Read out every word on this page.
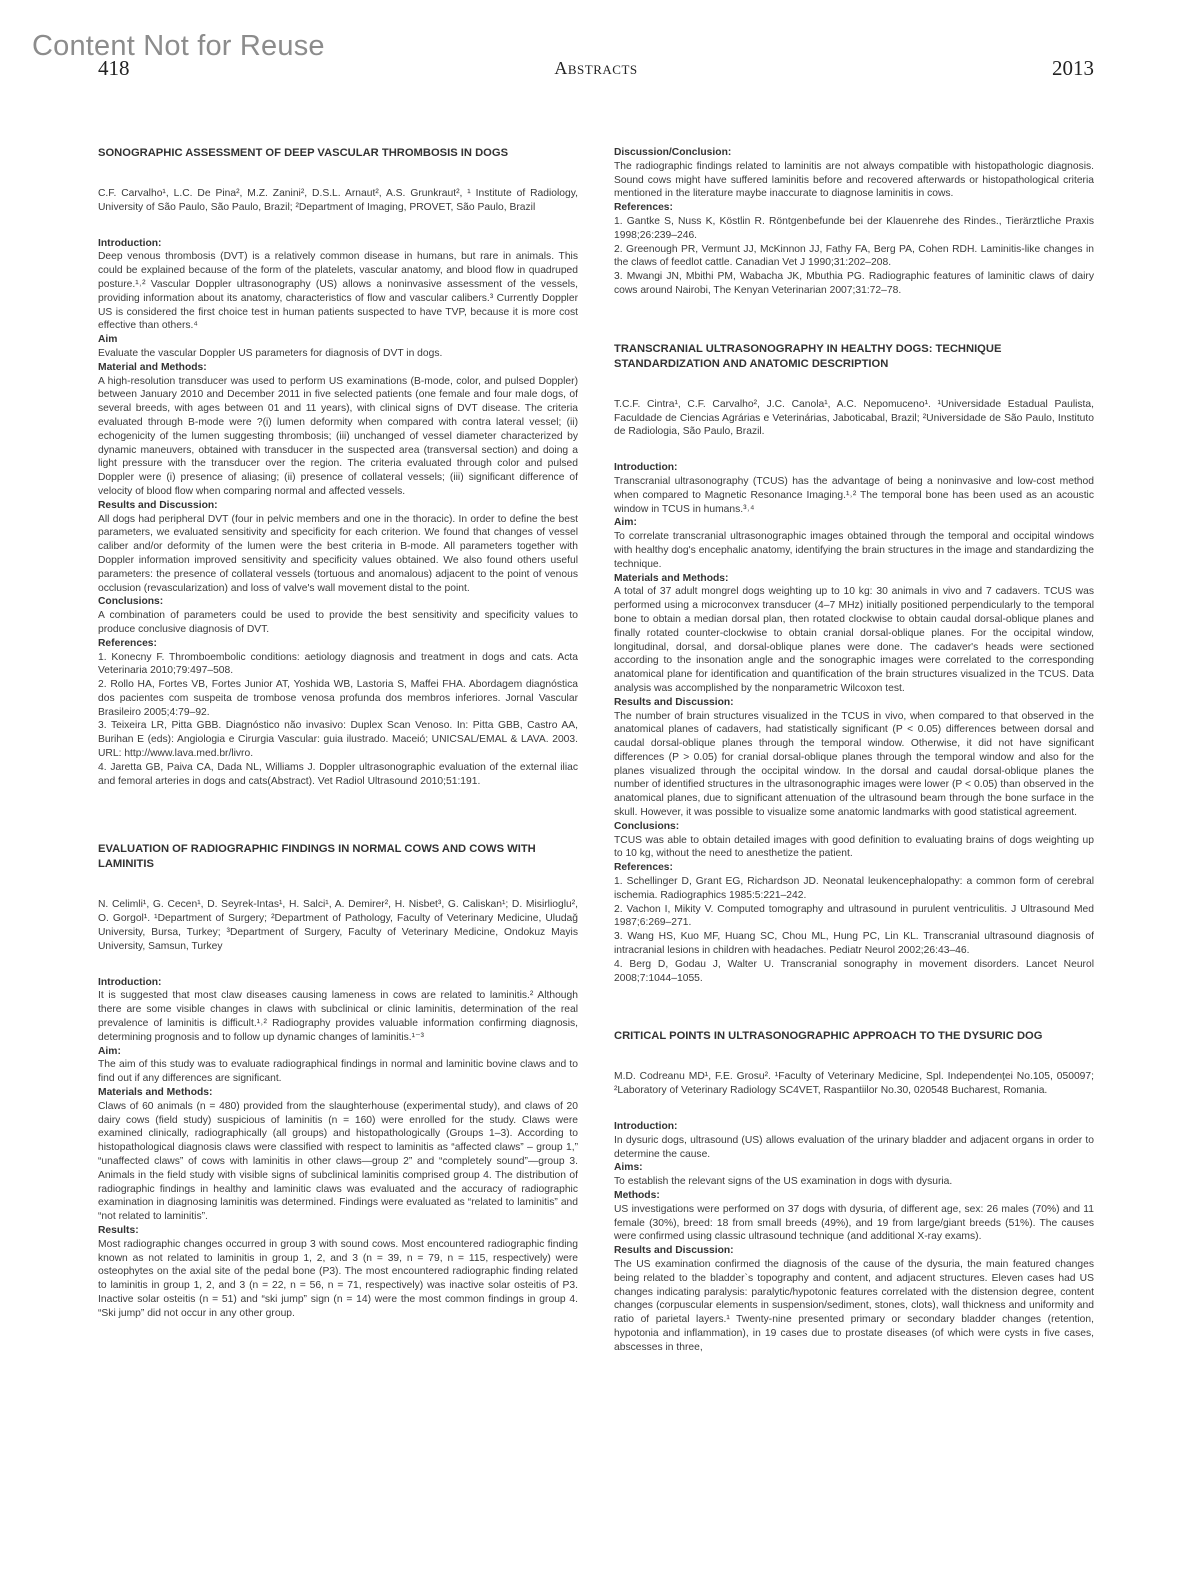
Content Not for Reuse
418	Abstracts	2013
SONOGRAPHIC ASSESSMENT OF DEEP VASCULAR THROMBOSIS IN DOGS
C.F. Carvalho¹, L.C. De Pina², M.Z. Zanini², D.S.L. Arnaut², A.S. Grunkraut², ¹ Institute of Radiology, University of São Paulo, São Paulo, Brazil; ²Department of Imaging, PROVET, São Paulo, Brazil
Introduction:

Deep venous thrombosis (DVT) is a relatively common disease in humans, but rare in animals. This could be explained because of the form of the platelets, vascular anatomy, and blood flow in quadruped posture.¹˒² Vascular Doppler ultrasonography (US) allows a noninvasive assessment of the vessels, providing information about its anatomy, characteristics of flow and vascular calibers.³ Currently Doppler US is considered the first choice test in human patients suspected to have TVP, because it is more cost effective than others.⁴

Aim

Evaluate the vascular Doppler US parameters for diagnosis of DVT in dogs.

Material and Methods:

A high-resolution transducer was used to perform US examinations (B-mode, color, and pulsed Doppler) between January 2010 and December 2011 in five selected patients (one female and four male dogs, of several breeds, with ages between 01 and 11 years), with clinical signs of DVT disease. The criteria evaluated through B-mode were ?(i) lumen deformity when compared with contra lateral vessel; (ii) echogenicity of the lumen suggesting thrombosis; (iii) unchanged of vessel diameter characterized by dynamic maneuvers, obtained with transducer in the suspected area (transversal section) and doing a light pressure with the transducer over the region. The criteria evaluated through color and pulsed Doppler were (i) presence of aliasing; (ii) presence of collateral vessels; (iii) significant difference of velocity of blood flow when comparing normal and affected vessels.

Results and Discussion:

All dogs had peripheral DVT (four in pelvic members and one in the thoracic). In order to define the best parameters, we evaluated sensitivity and specificity for each criterion. We found that changes of vessel caliber and/or deformity of the lumen were the best criteria in B-mode. All parameters together with Doppler information improved sensitivity and specificity values obtained. We also found others useful parameters: the presence of collateral vessels (tortuous and anomalous) adjacent to the point of venous occlusion (revascularization) and loss of valve's wall movement distal to the point.

Conclusions:

A combination of parameters could be used to provide the best sensitivity and specificity values to produce conclusive diagnosis of DVT.

References:

1. Konecny F. Thromboembolic conditions: aetiology diagnosis and treatment in dogs and cats. Acta Veterinaria 2010;79:497–508.

2. Rollo HA, Fortes VB, Fortes Junior AT, Yoshida WB, Lastoria S, Maffei FHA. Abordagem diagnóstica dos pacientes com suspeita de trombose venosa profunda dos membros inferiores. Jornal Vascular Brasileiro 2005;4:79–92.

3. Teixeira LR, Pitta GBB. Diagnóstico não invasivo: Duplex Scan Venoso. In: Pitta GBB, Castro AA, Burihan E (eds): Angiologia e Cirurgia Vascular: guia ilustrado. Maceió; UNICSAL/EMAL & LAVA. 2003. URL: http://www.lava.med.br/livro.

4. Jaretta GB, Paiva CA, Dada NL, Williams J. Doppler ultrasonographic evaluation of the external iliac and femoral arteries in dogs and cats(Abstract). Vet Radiol Ultrasound 2010;51:191.

EVALUATION OF RADIOGRAPHIC FINDINGS IN NORMAL COWS AND COWS WITH LAMINITIS
N. Celimli¹, G. Cecen¹, D. Seyrek-Intas¹, H. Salci¹, A. Demirer², H. Nisbet³, G. Caliskan¹; D. Misirlioglu², O. Gorgol¹. ¹Department of Surgery; ²Department of Pathology, Faculty of Veterinary Medicine, Uludağ University, Bursa, Turkey; ³Department of Surgery, Faculty of Veterinary Medicine, Ondokuz Mayis University, Samsun, Turkey
Introduction:

It is suggested that most claw diseases causing lameness in cows are related to laminitis.² Although there are some visible changes in claws with subclinical or clinic laminitis, determination of the real prevalence of laminitis is difficult.¹˒² Radiography provides valuable information confirming diagnosis, determining prognosis and to follow up dynamic changes of laminitis.¹⁻³

Aim:

The aim of this study was to evaluate radiographical findings in normal and laminitic bovine claws and to find out if any differences are significant.

Materials and Methods:

Claws of 60 animals (n = 480) provided from the slaughterhouse (experimental study), and claws of 20 dairy cows (field study) suspicious of laminitis (n = 160) were enrolled for the study. Claws were examined clinically, radiographically (all groups) and histopathologically (Groups 1–3). According to histopathological diagnosis claws were classified with respect to laminitis as “affected claws” – group 1,” “unaffected claws” of cows with laminitis in other claws—group 2” and “completely sound”—group 3. Animals in the field study with visible signs of subclinical laminitis comprised group 4. The distribution of radiographic findings in healthy and laminitic claws was evaluated and the accuracy of radiographic examination in diagnosing laminitis was determined. Findings were evaluated as “related to laminitis” and “not related to laminitis”.

Results:

Most radiographic changes occurred in group 3 with sound cows. Most encountered radiographic finding known as not related to laminitis in group 1, 2, and 3 (n = 39, n = 79, n = 115, respectively) were osteophytes on the axial site of the pedal bone (P3). The most encountered radiographic finding related to laminitis in group 1, 2, and 3 (n = 22, n = 56, n = 71, respectively) was inactive solar osteitis of P3. Inactive solar osteitis (n = 51) and “ski jump” sign (n = 14) were the most common findings in group 4. “Ski jump” did not occur in any other group.

Discussion/Conclusion:

The radiographic findings related to laminitis are not always compatible with histopathologic diagnosis. Sound cows might have suffered laminitis before and recovered afterwards or histopathological criteria mentioned in the literature maybe inaccurate to diagnose laminitis in cows.

References:

1. Gantke S, Nuss K, Köstlin R. Röntgenbefunde bei der Klauenrehe des Rindes., Tierärztliche Praxis 1998;26:239–246.

2. Greenough PR, Vermunt JJ, McKinnon JJ, Fathy FA, Berg PA, Cohen RDH. Laminitis-like changes in the claws of feedlot cattle. Canadian Vet J 1990;31:202–208.

3. Mwangi JN, Mbithi PM, Wabacha JK, Mbuthia PG. Radiographic features of laminitic claws of dairy cows around Nairobi, The Kenyan Veterinarian 2007;31:72–78.

TRANSCRANIAL ULTRASONOGRAPHY IN HEALTHY DOGS: TECHNIQUE STANDARDIZATION AND ANATOMIC DESCRIPTION
T.C.F. Cintra¹, C.F. Carvalho², J.C. Canola¹, A.C. Nepomuceno¹. ¹Universidade Estadual Paulista, Faculdade de Ciencias Agrárias e Veterinárias, Jaboticabal, Brazil; ²Universidade de São Paulo, Instituto de Radiologia, São Paulo, Brazil.
Introduction:

Transcranial ultrasonography (TCUS) has the advantage of being a noninvasive and low-cost method when compared to Magnetic Resonance Imaging.¹˒² The temporal bone has been used as an acoustic window in TCUS in humans.³˒⁴

Aim:

To correlate transcranial ultrasonographic images obtained through the temporal and occipital windows with healthy dog's encephalic anatomy, identifying the brain structures in the image and standardizing the technique.

Materials and Methods:

A total of 37 adult mongrel dogs weighting up to 10 kg: 30 animals in vivo and 7 cadavers. TCUS was performed using a microconvex transducer (4–7 MHz) initially positioned perpendicularly to the temporal bone to obtain a median dorsal plan, then rotated clockwise to obtain caudal dorsal-oblique planes and finally rotated counter-clockwise to obtain cranial dorsal-oblique planes. For the occipital window, longitudinal, dorsal, and dorsal-oblique planes were done. The cadaver's heads were sectioned according to the insonation angle and the sonographic images were correlated to the corresponding anatomical plane for identification and quantification of the brain structures visualized in the TCUS. Data analysis was accomplished by the nonparametric Wilcoxon test.

Results and Discussion:

The number of brain structures visualized in the TCUS in vivo, when compared to that observed in the anatomical planes of cadavers, had statistically significant (P < 0.05) differences between dorsal and caudal dorsal-oblique planes through the temporal window. Otherwise, it did not have significant differences (P > 0.05) for cranial dorsal-oblique planes through the temporal window and also for the planes visualized through the occipital window. In the dorsal and caudal dorsal-oblique planes the number of identified structures in the ultrasonographic images were lower (P < 0.05) than observed in the anatomical planes, due to significant attenuation of the ultrasound beam through the bone surface in the skull. However, it was possible to visualize some anatomic landmarks with good statistical agreement.

Conclusions:

TCUS was able to obtain detailed images with good definition to evaluating brains of dogs weighting up to 10 kg, without the need to anesthetize the patient.

References:

1. Schellinger D, Grant EG, Richardson JD. Neonatal leukencephalopathy: a common form of cerebral ischemia. Radiographics 1985:5:221–242.

2. Vachon I, Mikity V. Computed tomography and ultrasound in purulent ventriculitis. J Ultrasound Med 1987;6:269–271.

3. Wang HS, Kuo MF, Huang SC, Chou ML, Hung PC, Lin KL. Transcranial ultrasound diagnosis of intracranial lesions in children with headaches. Pediatr Neurol 2002;26:43–46.

4. Berg D, Godau J, Walter U. Transcranial sonography in movement disorders. Lancet Neurol 2008;7:1044–1055.

CRITICAL POINTS IN ULTRASONOGRAPHIC APPROACH TO THE DYSURIC DOG
M.D. Codreanu MD¹, F.E. Grosu². ¹Faculty of Veterinary Medicine, Spl. Independenței No.105, 050097; ²Laboratory of Veterinary Radiology SC4VET, Raspantiilor No.30, 020548 Bucharest, Romania.
Introduction:

In dysuric dogs, ultrasound (US) allows evaluation of the urinary bladder and adjacent organs in order to determine the cause.

Aims:

To establish the relevant signs of the US examination in dogs with dysuria.

Methods:

US investigations were performed on 37 dogs with dysuria, of different age, sex: 26 males (70%) and 11 female (30%), breed: 18 from small breeds (49%), and 19 from large/giant breeds (51%). The causes were confirmed using classic ultrasound technique (and additional X-ray exams).

Results and Discussion:

The US examination confirmed the diagnosis of the cause of the dysuria, the main featured changes being related to the bladder`s topography and content, and adjacent structures. Eleven cases had US changes indicating paralysis: paralytic/hypotonic features correlated with the distension degree, content changes (corpuscular elements in suspension/sediment, stones, clots), wall thickness and uniformity and ratio of parietal layers.¹ Twenty-nine presented primary or secondary bladder changes (retention, hypotonia and inflammation), in 19 cases due to prostate diseases (of which were cysts in five cases, abscesses in three,
